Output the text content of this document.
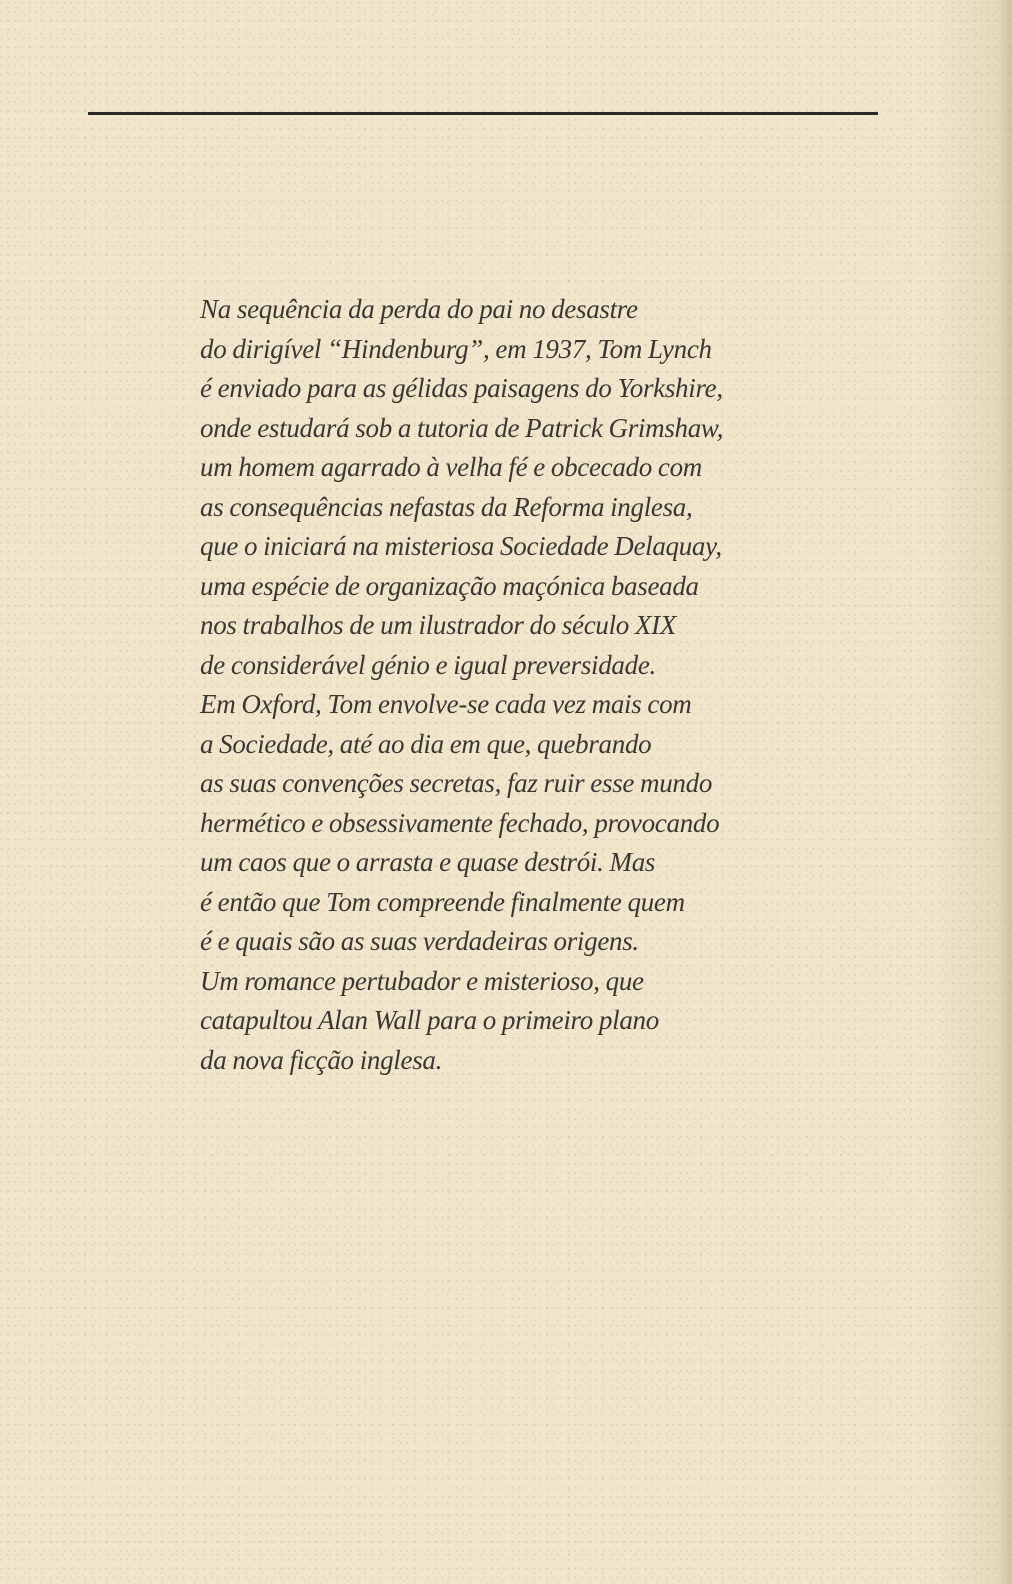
Na sequência da perda do pai no desastre
do dirigível “Hindenburg”, em 1937, Tom Lynch
é enviado para as gélidas paisagens do Yorkshire,
onde estudará sob a tutoria de Patrick Grimshaw,
um homem agarrado à velha fé e obcecado com
as consequências nefastas da Reforma inglesa,
que o iniciará na misteriosa Sociedade Delaquay,
uma espécie de organização maçónica baseada
nos trabalhos de um ilustrador do século XIX
de considerável génio e igual preversidade.
Em Oxford, Tom envolve-se cada vez mais com
a Sociedade, até ao dia em que, quebrando
as suas convenções secretas, faz ruir esse mundo
hermético e obsessivamente fechado, provocando
um caos que o arrasta e quase destrói. Mas
é então que Tom compreende finalmente quem
é e quais são as suas verdadeiras origens.
Um romance pertubador e misterioso, que
catapultou Alan Wall para o primeiro plano
da nova ficção inglesa.
